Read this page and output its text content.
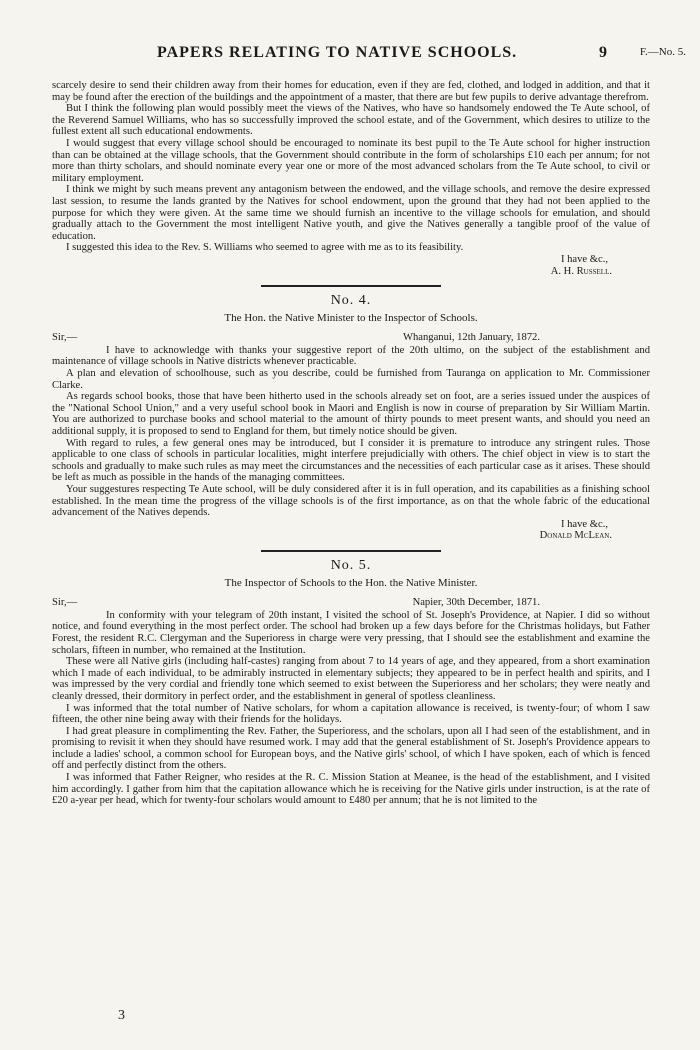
PAPERS RELATING TO NATIVE SCHOOLS.	9	F.—No. 5.

scarcely desire to send their children away from their homes for education, even if they are fed, clothed, and lodged in addition, and that it may be found after the erection of the buildings and the appointment of a master, that there are but few pupils to derive advantage therefrom.

But I think the following plan would possibly meet the views of the Natives, who have so handsomely endowed the Te Aute school, of the Reverend Samuel Williams, who has so successfully improved the school estate, and of the Government, which desires to utilize to the fullest extent all such educational endowments.

I would suggest that every village school should be encouraged to nominate its best pupil to the Te Aute school for higher instruction than can be obtained at the village schools, that the Government should contribute in the form of scholarships £10 each per annum; for not more than thirty scholars, and should nominate every year one or more of the most advanced scholars from the Te Aute school, to civil or military employment.

I think we might by such means prevent any antagonism between the endowed, and the village schools, and remove the desire expressed last session, to resume the lands granted by the Natives for school endowment, upon the ground that they had not been applied to the purpose for which they were given. At the same time we should furnish an incentive to the village schools for emulation, and should gradually attach to the Government the most intelligent Native youth, and give the Natives generally a tangible proof of the value of education.

I suggested this idea to the Rev. S. Williams who seemed to agree with me as to its feasibility.

I have &c.,

A. H. Russell.

No. 4.
The Hon. the Native Minister to the Inspector of Schools.
Sir,—	Whanganui, 12th January, 1872.

I have to acknowledge with thanks your suggestive report of the 20th ultimo, on the subject of the establishment and maintenance of village schools in Native districts whenever practicable.

A plan and elevation of schoolhouse, such as you describe, could be furnished from Tauranga on application to Mr. Commissioner Clarke.

As regards school books, those that have been hitherto used in the schools already set on foot, are a series issued under the auspices of the "National School Union," and a very useful school book in Maori and English is now in course of preparation by Sir William Martin. You are authorized to purchase books and school material to the amount of thirty pounds to meet present wants, and should you need an additional supply, it is proposed to send to England for them, but timely notice should be given.

With regard to rules, a few general ones may be introduced, but I consider it is premature to introduce any stringent rules. Those applicable to one class of schools in particular localities, might interfere prejudicially with others. The chief object in view is to start the schools and gradually to make such rules as may meet the circumstances and the necessities of each particular case as it arises. These should be left as much as possible in the hands of the managing committees.

Your suggestures respecting Te Aute school, will be duly considered after it is in full operation, and its capabilities as a finishing school established. In the mean time the progress of the village schools is of the first importance, as on that the whole fabric of the educational advancement of the Natives depends.

I have &c.,

Donald McLean.

No. 5.
The Inspector of Schools to the Hon. the Native Minister.
Sir,—	Napier, 30th December, 1871.

In conformity with your telegram of 20th instant, I visited the school of St. Joseph's Providence, at Napier. I did so without notice, and found everything in the most perfect order. The school had broken up a few days before for the Christmas holidays, but Father Forest, the resident R.C. Clergyman and the Superioress in charge were very pressing, that I should see the establishment and examine the scholars, fifteen in number, who remained at the Institution.

These were all Native girls (including half-castes) ranging from about 7 to 14 years of age, and they appeared, from a short examination which I made of each individual, to be admirably instructed in elementary subjects; they appeared to be in perfect health and spirits, and I was impressed by the very cordial and friendly tone which seemed to exist between the Superioress and her scholars; they were neatly and cleanly dressed, their dormitory in perfect order, and the establishment in general of spotless cleanliness.

I was informed that the total number of Native scholars, for whom a capitation allowance is received, is twenty-four; of whom I saw fifteen, the other nine being away with their friends for the holidays.

I had great pleasure in complimenting the Rev. Father, the Superioress, and the scholars, upon all I had seen of the establishment, and in promising to revisit it when they should have resumed work. I may add that the general establishment of St. Joseph's Providence appears to include a ladies' school, a common school for European boys, and the Native girls' school, of which I have spoken, each of which is fenced off and perfectly distinct from the others.

I was informed that Father Reigner, who resides at the R. C. Mission Station at Meanee, is the head of the establishment, and I visited him accordingly. I gather from him that the capitation allowance which he is receiving for the Native girls under instruction, is at the rate of £20 a-year per head, which for twenty-four scholars would amount to £480 per annum; that he is not limited to the

3
